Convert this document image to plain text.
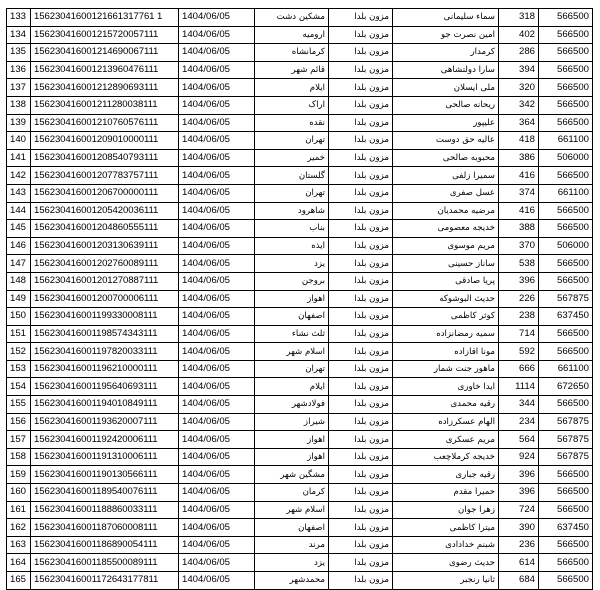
133	15623041600121661317761 1	1404/06/05	مشکین دشت	مزون بلدا	سماء سلیمانی	318	566500
134	156230416001215720057111	1404/06/05	ارومیه	مزون بلدا	امین نصرت جو	402	566500
135	156230416001214690067111	1404/06/05	کرمانشاه	مزون بلدا	کرمدار	286	566500
136	156230416001213960476111	1404/06/05	قائم شهر	مزون بلدا	سارا دولتشاهی	394	566500
137	156230416001212890693111	1404/06/05	ایلام	مزون بلدا	ملی ایسلان	320	566500
138	156230416001211280038111	1404/06/05	اراک	مزون بلدا	ریحانه صالحی	342	566500
139	156230416001210760576111	1404/06/05	نقده	مزون بلدا	علیپور	364	566500
140	156230416001209010000111	1404/06/05	تهران	مزون بلدا	عالیه حق دوست	418	661100
141	156230416001208540793111	1404/06/05	خمیر	مزون بلدا	محبوبه صالحی	386	506000
142	156230416001207783757111	1404/06/05	گلستان	مزون بلدا	سمیرا زلفی	416	566500
143	156230416001206700000111	1404/06/05	تهران	مزون بلدا	عسل صفری	374	661100
144	156230416001205420036111	1404/06/05	شاهرود	مزون بلدا	مرضیه محمدیان	416	566500
145	156230416001204860555111	1404/06/05	بناب	مزون بلدا	خدیجه معصومی	388	566500
146	156230416001203130639111	1404/06/05	ایذه	مزون بلدا	مریم موسوی	370	506000
147	156230416001202760089111	1404/06/05	یزد	مزون بلدا	ساناز حسینی	538	566500
148	156230416001201270887111	1404/06/05	بروجن	مزون بلدا	پریا صادقی	396	566500
149	156230416001200700006111	1404/06/05	اهواز	مزون بلدا	حدیث البوشوکه	226	567875
150	156230416001199330008111	1404/06/05	اصفهان	مزون بلدا	کوثر کاظمی	238	637450
151	156230416001198574343111	1404/06/05	ثلث نشاء	مزون بلدا	سمیه رمضانزاده	714	566500
152	156230416001197820033111	1404/06/05	اسلام شهر	مزون بلدا	مونا اقازاده	592	566500
153	156230416001196210000111	1404/06/05	تهران	مزون بلدا	ماهور جنت شمار	666	661100
154	156230416001195640693111	1404/06/05	ایلام	مزون بلدا	ایدا خاوری	1114	672650
155	156230416001194010849111	1404/06/05	فولادشهر	مزون بلدا	رقیه محمدی	344	566500
156	156230416001193620007111	1404/06/05	شیراز	مزون بلدا	الهام عسکرزاده	234	567875
157	156230416001192420006111	1404/06/05	اهواز	مزون بلدا	مریم عسکری	564	567875
158	156230416001191310006111	1404/06/05	اهواز	مزون بلدا	خدیجه کرملاچعب	924	567875
159	156230416001190130566111	1404/06/05	مشگین شهر	مزون بلدا	رقیه جباری	396	566500
160	156230416001189540076111	1404/06/05	کرمان	مزون بلدا	حمیرا مقدم	396	566500
161	156230416001188860033111	1404/06/05	اسلام شهر	مزون بلدا	زهرا جوان	724	566500
162	156230416001187060008111	1404/06/05	اصفهان	مزون بلدا	میترا کاظمی	390	637450
163	156230416001186890054111	1404/06/05	مرند	مزون بلدا	شبنم خدادادی	236	566500
164	156230416001185500089111	1404/06/05	یزد	مزون بلدا	حدیث رضوی	614	566500
165	156230416001172643177811	1404/06/05	محمدشهر	مزون بلدا	ثانیا رنجبر	684	566500
